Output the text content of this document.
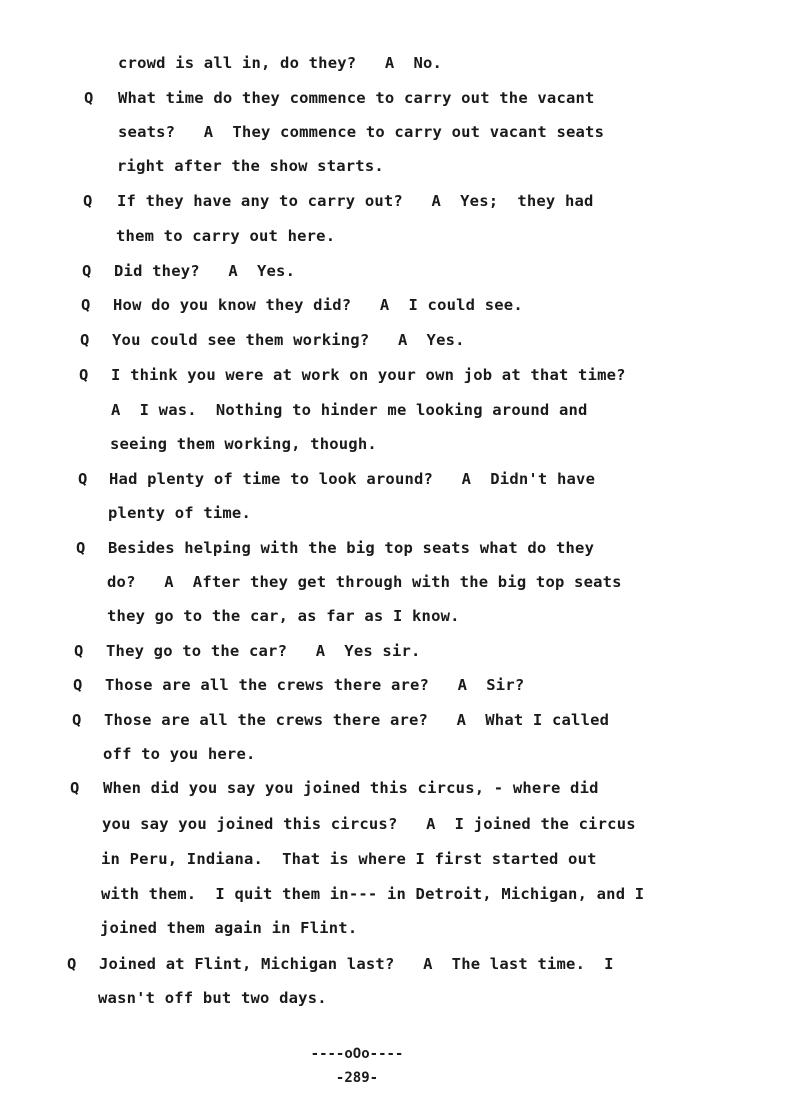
Q
Q
Q
Q
Q
Q
Q
Q
Q
Q
Q
Q
Q
crowd is all in, do they?   A  No.
What time do they commence to carry out the vacant
seats?   A  They commence to carry out vacant seats
right after the show starts.
If they have any to carry out?   A  Yes;  they had
them to carry out here.
Did they?   A  Yes.
How do you know they did?   A  I could see.
You could see them working?   A  Yes.
I think you were at work on your own job at that time?
A  I was.  Nothing to hinder me looking around and
seeing them working, though.
Had plenty of time to look around?   A  Didn't have
plenty of time.
Besides helping with the big top seats what do they
do?   A  After they get through with the big top seats
they go to the car, as far as I know.
They go to the car?   A  Yes sir.
Those are all the crews there are?   A  Sir?
Those are all the crews there are?   A  What I called
off to you here.
When did you say you joined this circus, - where did
you say you joined this circus?   A  I joined the circus
in Peru, Indiana.  That is where I first started out
with them.  I quit them in--- in Detroit, Michigan, and I
joined them again in Flint.
Joined at Flint, Michigan last?   A  The last time.  I
wasn't off but two days.
----oOo----
-289-
